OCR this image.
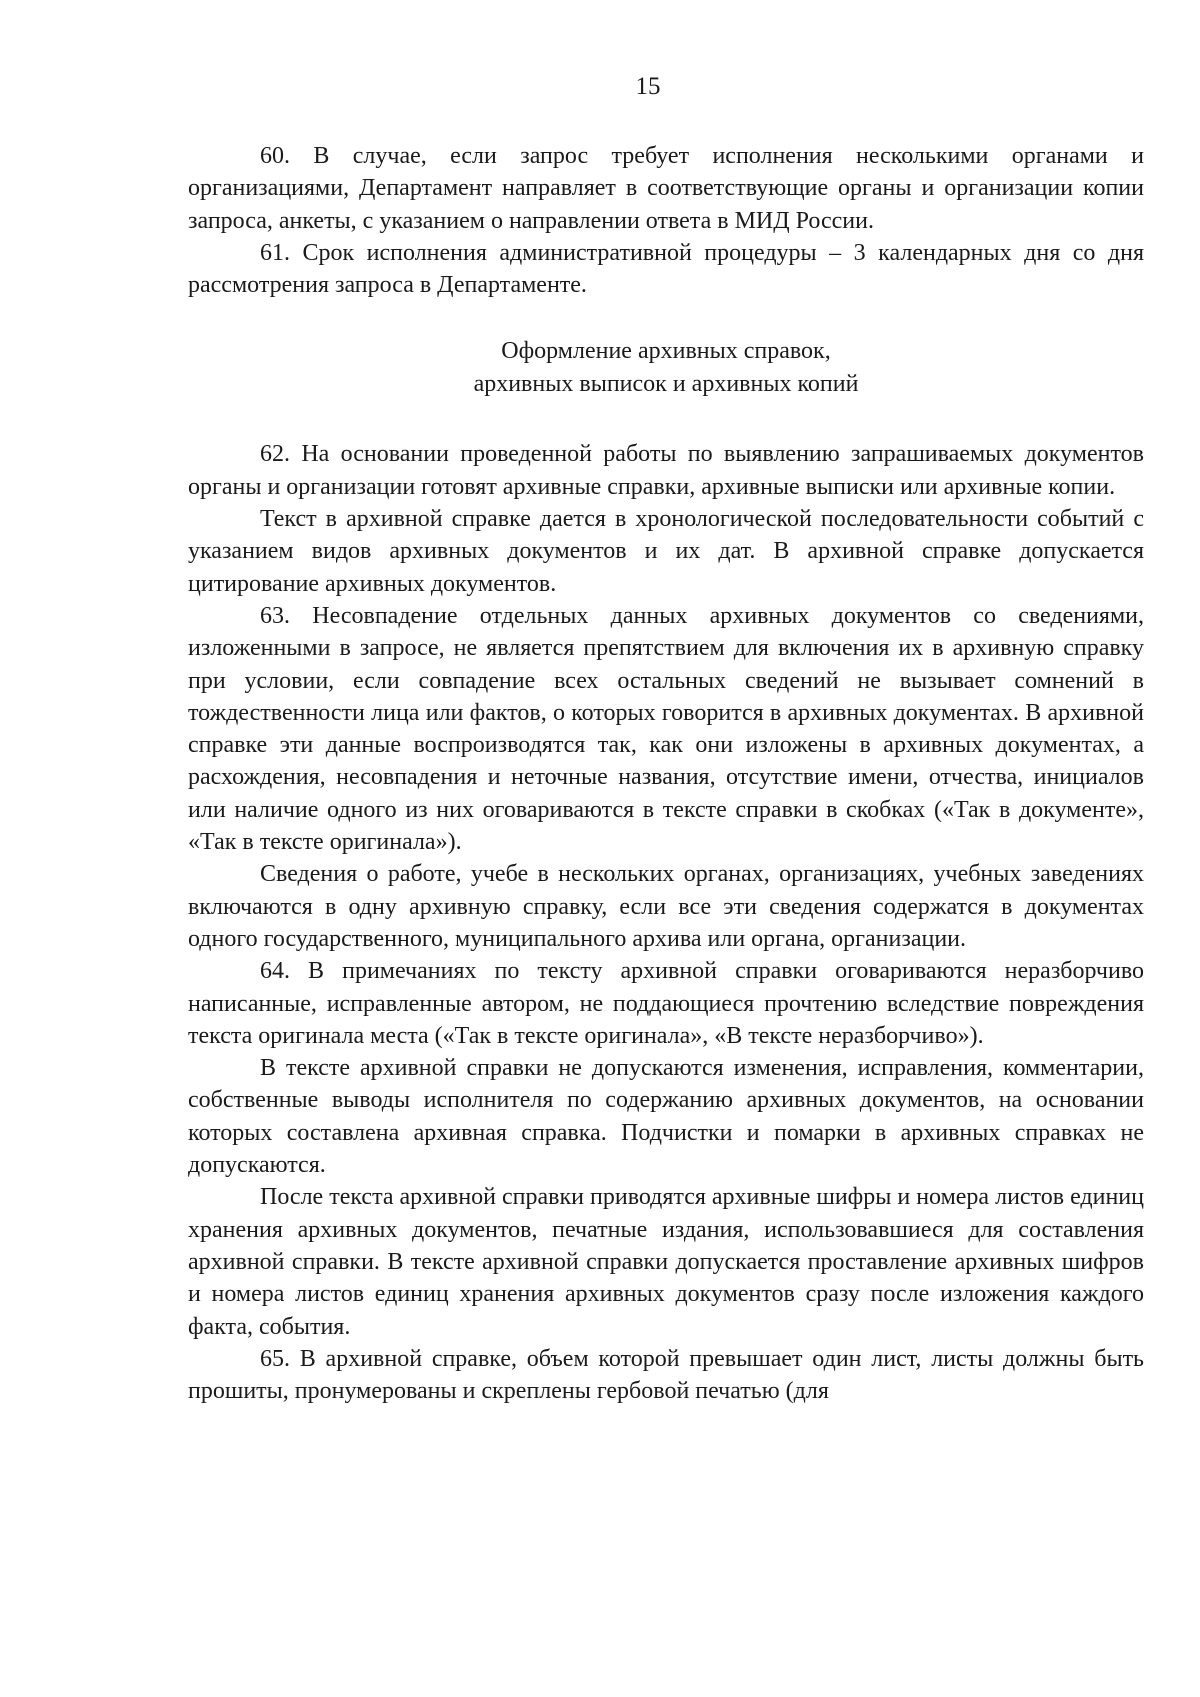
15

60. В случае, если запрос требует исполнения несколькими органами и организациями, Департамент направляет в соответствующие органы и организации копии запроса, анкеты, с указанием о направлении ответа в МИД России.

61. Срок исполнения административной процедуры – 3 календарных дня со дня рассмотрения запроса в Департаменте.

Оформление архивных справок,
архивных выписок и архивных копий

62. На основании проведенной работы по выявлению запрашиваемых документов органы и организации готовят архивные справки, архивные выписки или архивные копии.

Текст в архивной справке дается в хронологической последовательности событий с указанием видов архивных документов и их дат. В архивной справке допускается цитирование архивных документов.

63. Несовпадение отдельных данных архивных документов со сведениями, изложенными в запросе, не является препятствием для включения их в архивную справку при условии, если совпадение всех остальных сведений не вызывает сомнений в тождественности лица или фактов, о которых говорится в архивных документах. В архивной справке эти данные воспроизводятся так, как они изложены в архивных документах, а расхождения, несовпадения и неточные названия, отсутствие имени, отчества, инициалов или наличие одного из них оговариваются в тексте справки в скобках («Так в документе», «Так в тексте оригинала»).

Сведения о работе, учебе в нескольких органах, организациях, учебных заведениях включаются в одну архивную справку, если все эти сведения содержатся в документах одного государственного, муниципального архива или органа, организации.

64. В примечаниях по тексту архивной справки оговариваются неразборчиво написанные, исправленные автором, не поддающиеся прочтению вследствие повреждения текста оригинала места («Так в тексте оригинала», «В тексте неразборчиво»).

В тексте архивной справки не допускаются изменения, исправления, комментарии, собственные выводы исполнителя по содержанию архивных документов, на основании которых составлена архивная справка. Подчистки и помарки в архивных справках не допускаются.

После текста архивной справки приводятся архивные шифры и номера листов единиц хранения архивных документов, печатные издания, использовавшиеся для составления архивной справки. В тексте архивной справки допускается проставление архивных шифров и номера листов единиц хранения архивных документов сразу после изложения каждого факта, события.

65. В архивной справке, объем которой превышает один лист, листы должны быть прошиты, пронумерованы и скреплены гербовой печатью (для
